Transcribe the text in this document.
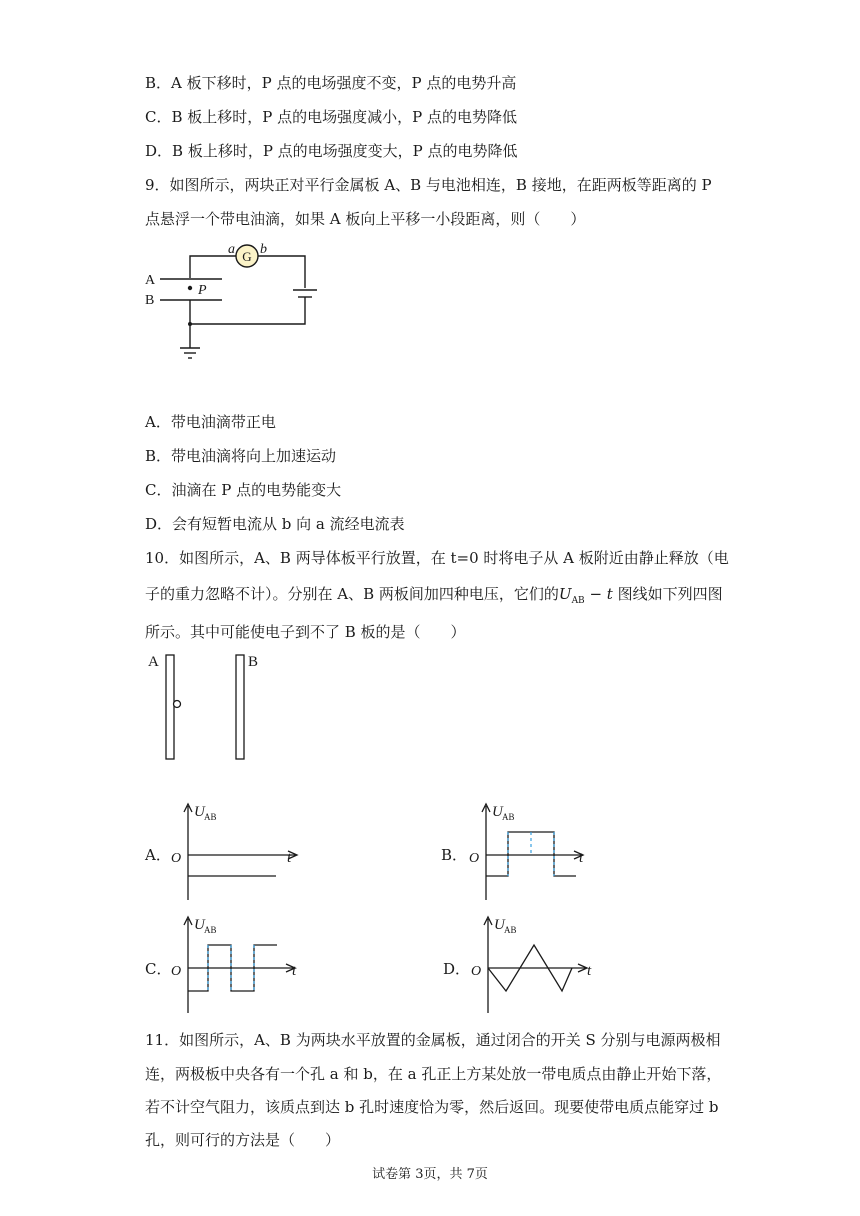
B．A 板下移时，P 点的电场强度不变，P 点的电势升高
C．B 板上移时，P 点的电场强度减小，P 点的电势降低
D．B 板上移时，P 点的电场强度变大，P 点的电势降低
9．如图所示，两块正对平行金属板 A、B 与电池相连，B 接地，在距两板等距离的 P
点悬浮一个带电油滴，如果 A 板向上平移一小段距离，则（　　）
G
a b
A
B
P
A．带电油滴带正电
B．带电油滴将向上加速运动
C．油滴在 P 点的电势能变大
D．会有短暂电流从 b 向 a 流经电流表
10．如图所示，A、B 两导体板平行放置，在 t=0 时将电子从 A 板附近由静止释放（电
子的重力忽略不计）。分别在 A、B 两板间加四种电压，它们的$U_{AB} - t$ 图线如下列四图
所示。其中可能使电子到不了 B 板的是（　　）
A	B
A．
U AB
O	t	B．
U AB
O	t
C．
U AB
O	t	D．
U AB
O	t
11．如图所示，A、B 为两块水平放置的金属板，通过闭合的开关 S 分别与电源两极相
连，两极板中央各有一个孔 a 和 b，在 a 孔正上方某处放一带电质点由静止开始下落，
若不计空气阻力，该质点到达 b 孔时速度恰为零，然后返回。现要使带电质点能穿过 b
孔，则可行的方法是（　　）
试卷第 3页，共 7页
